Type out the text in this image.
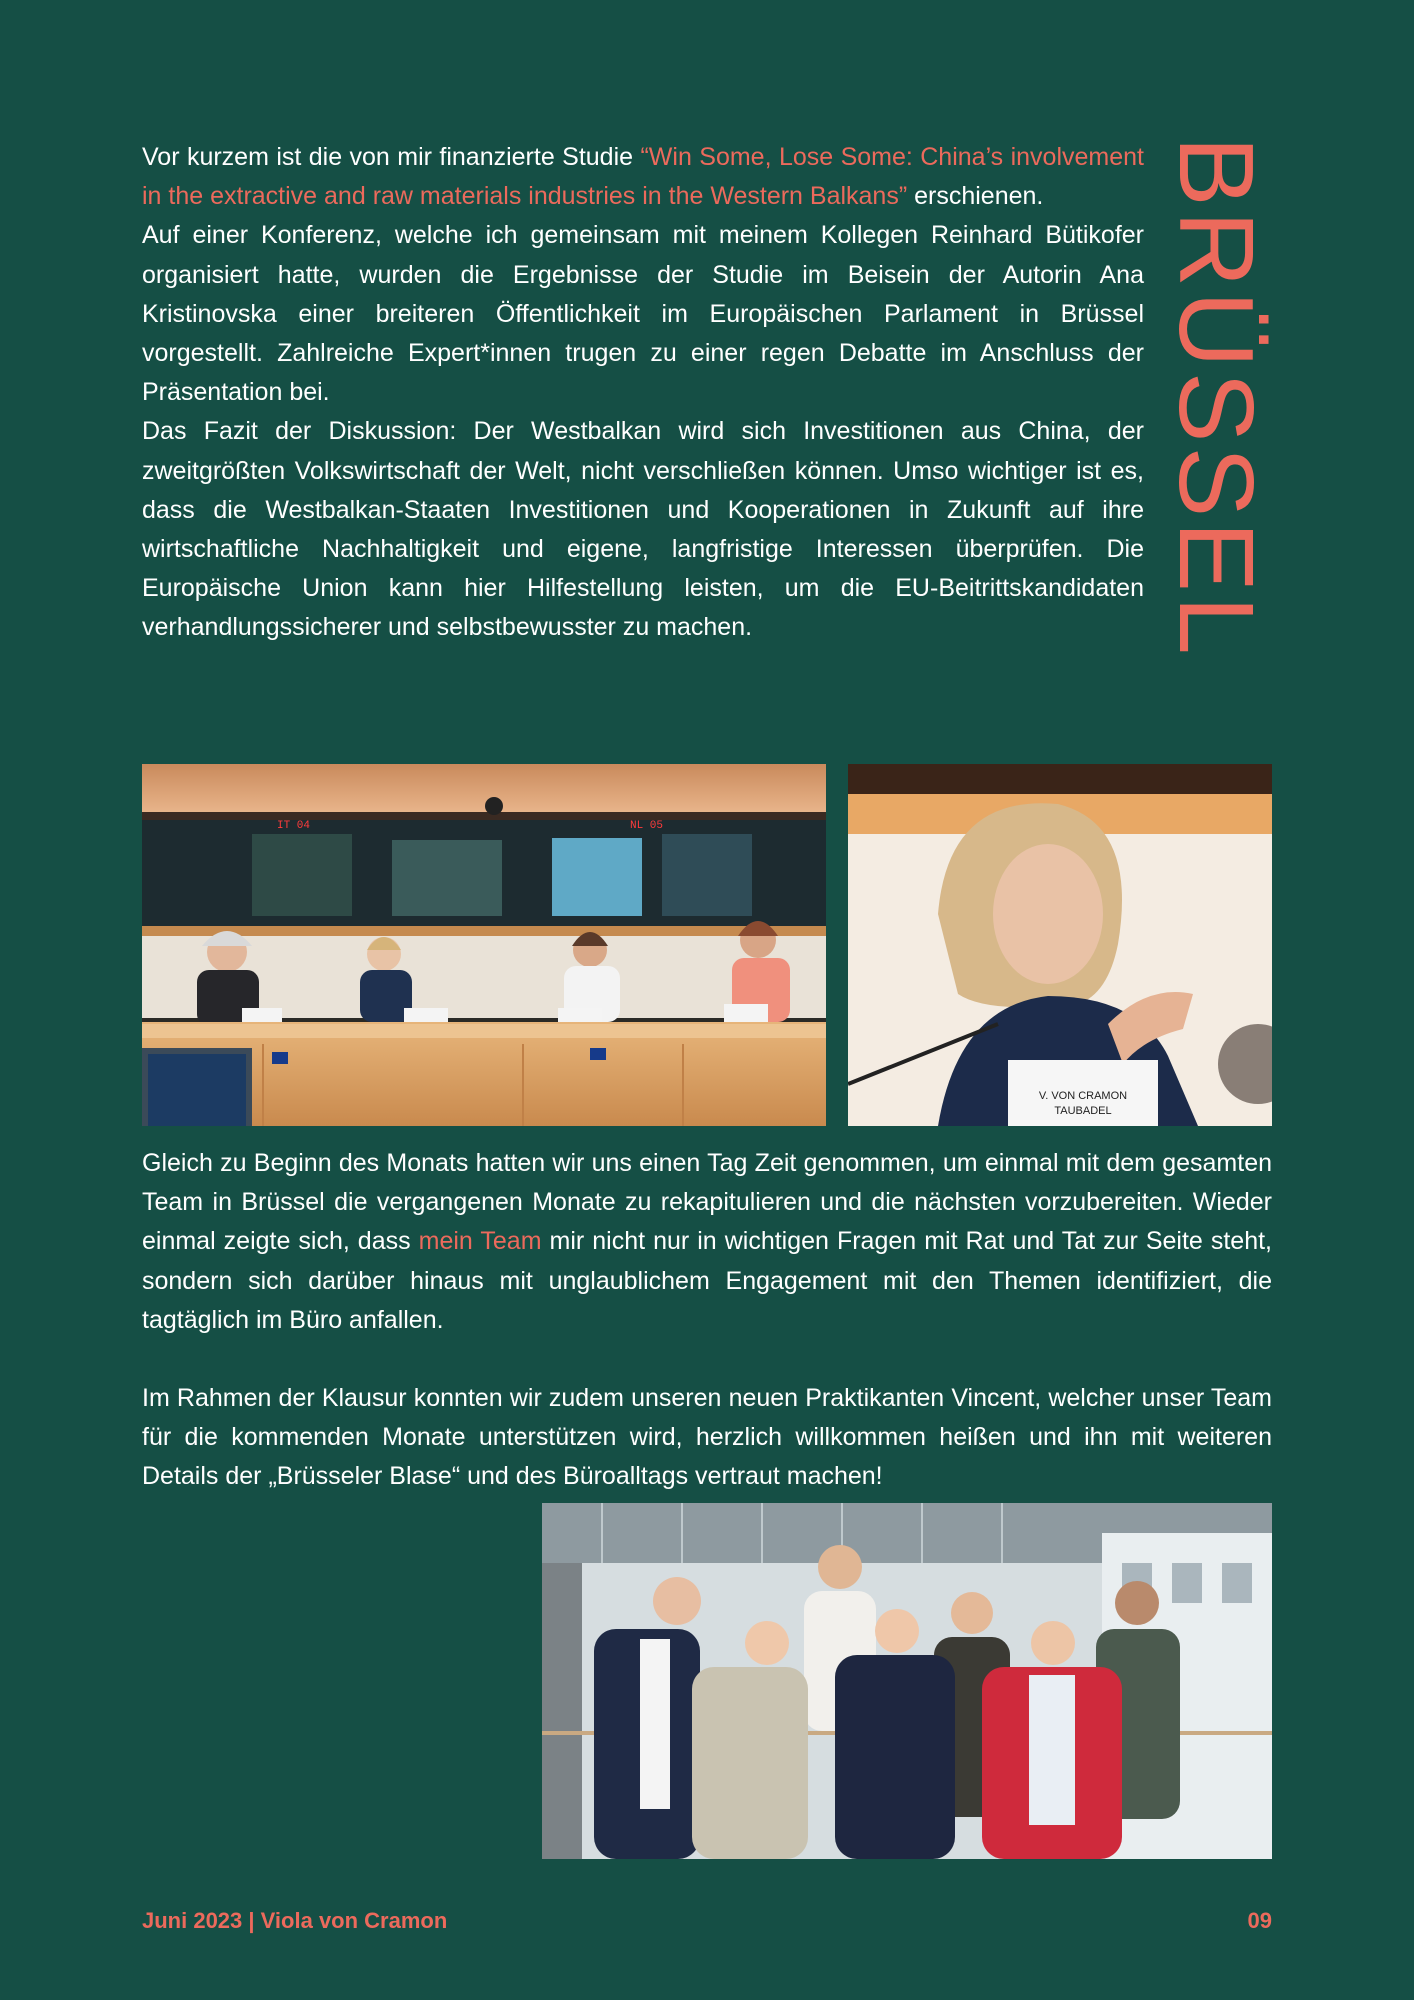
BRÜSSEL
Vor kurzem ist die von mir finanzierte Studie “Win Some, Lose Some: China’s involvement in the extractive and raw materials industries in the Western Balkans” erschienen.
Auf einer Konferenz, welche ich gemeinsam mit meinem Kollegen Reinhard Bütikofer organisiert hatte, wurden die Ergebnisse der Studie im Beisein der Autorin Ana Kristinovska einer breiteren Öffentlichkeit im Europäischen Parlament in Brüssel vorgestellt. Zahlreiche Expert*innen trugen zu einer regen Debatte im Anschluss der Präsentation bei.
Das Fazit der Diskussion: Der Westbalkan wird sich Investitionen aus China, der zweitgrößten Volkswirtschaft der Welt, nicht verschließen können. Umso wichtiger ist es, dass die Westbalkan-Staaten Investitionen und Kooperationen in Zukunft auf ihre wirtschaftliche Nachhaltigkeit und eigene, langfristige Interessen überprüfen. Die Europäische Union kann hier Hilfestellung leisten, um die EU-Beitrittskandidaten verhandlungssicherer und selbstbewusster zu machen.
IT 04	NL 05
V. VON CRAMON
TAUBADEL
Gleich zu Beginn des Monats hatten wir uns einen Tag Zeit genommen, um einmal mit dem gesamten Team in Brüssel die vergangenen Monate zu rekapitulieren und die nächsten vorzubereiten. Wieder einmal zeigte sich, dass mein Team mir nicht nur in wichtigen Fragen mit Rat und Tat zur Seite steht, sondern sich darüber hinaus mit unglaublichem Engagement mit den Themen identifiziert, die tagtäglich im Büro anfallen.
Im Rahmen der Klausur konnten wir zudem unseren neuen Praktikanten Vincent, welcher unser Team für die kommenden Monate unterstützen wird, herzlich willkommen heißen und ihn mit weiteren Details der „Brüsseler Blase“ und des Büroalltags vertraut machen!
Juni 2023 | Viola von Cramon	09
